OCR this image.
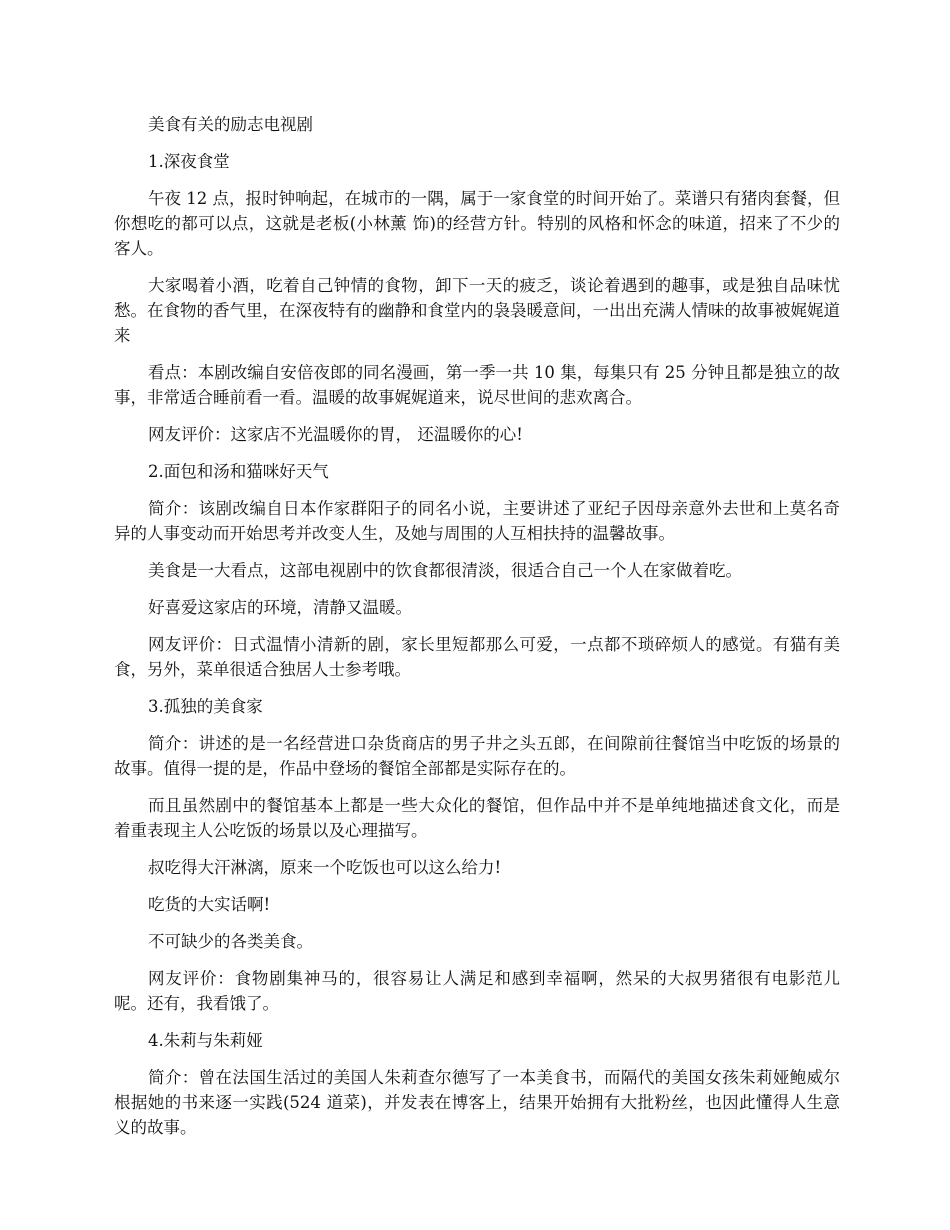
美食有关的励志电视剧

1.深夜食堂

午夜 12 点，报时钟响起，在城市的一隅，属于一家食堂的时间开始了。菜谱只有猪肉套餐，但你想吃的都可以点，这就是老板(小林薰 饰)的经营方针。特别的风格和怀念的味道，招来了不少的客人。

大家喝着小酒，吃着自己钟情的食物，卸下一天的疲乏，谈论着遇到的趣事，或是独自品味忧愁。在食物的香气里，在深夜特有的幽静和食堂内的袅袅暖意间，一出出充满人情味的故事被娓娓道来

看点：本剧改编自安倍夜郎的同名漫画，第一季一共 10 集，每集只有 25 分钟且都是独立的故事，非常适合睡前看一看。温暖的故事娓娓道来，说尽世间的悲欢离合。

网友评价：这家店不光温暖你的胃， 还温暖你的心!

2.面包和汤和猫咪好天气

简介：该剧改编自日本作家群阳子的同名小说，主要讲述了亚纪子因母亲意外去世和上莫名奇异的人事变动而开始思考并改变人生，及她与周围的人互相扶持的温馨故事。

美食是一大看点，这部电视剧中的饮食都很清淡，很适合自己一个人在家做着吃。

好喜爱这家店的环境，清静又温暖。

网友评价：日式温情小清新的剧，家长里短都那么可爱，一点都不琐碎烦人的感觉。有猫有美食，另外，菜单很适合独居人士参考哦。

3.孤独的美食家

简介：讲述的是一名经营进口杂货商店的男子井之头五郎，在间隙前往餐馆当中吃饭的场景的故事。值得一提的是，作品中登场的餐馆全部都是实际存在的。

而且虽然剧中的餐馆基本上都是一些大众化的餐馆，但作品中并不是单纯地描述食文化，而是着重表现主人公吃饭的场景以及心理描写。

叔吃得大汗淋漓，原来一个吃饭也可以这么给力!

吃货的大实话啊!

不可缺少的各类美食。

网友评价：食物剧集神马的，很容易让人满足和感到幸福啊，然呆的大叔男猪很有电影范儿呢。还有，我看饿了。

4.朱莉与朱莉娅

简介：曾在法国生活过的美国人朱莉查尔德写了一本美食书，而隔代的美国女孩朱莉娅鲍威尔根据她的书来逐一实践(524 道菜)，并发表在博客上，结果开始拥有大批粉丝，也因此懂得人生意义的故事。
